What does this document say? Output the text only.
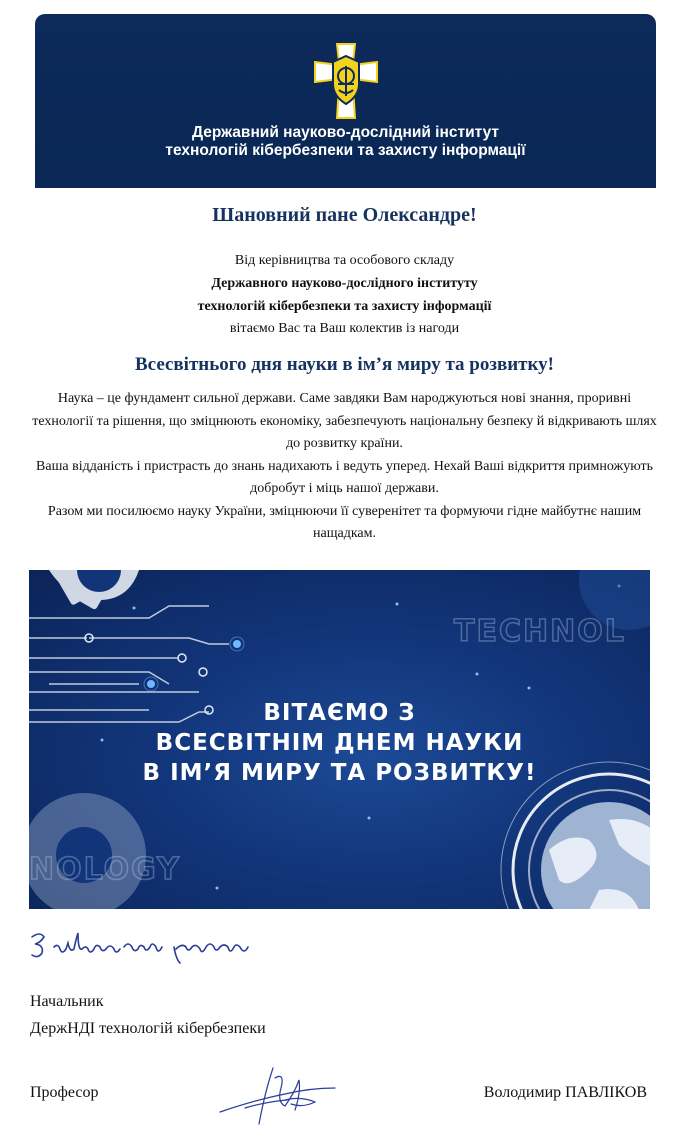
Державний науково-дослідний інститут
технологій кібербезпеки та захисту інформації
Шановний пане Олександре!
Від керівництва та особового складу
Державного науково-дослідного інституту
технологій кібербезпеки та захисту інформації
вітаємо Вас та Ваш колектив із нагоди
Всесвітнього дня науки в ім’я миру та розвитку!

Наука – це фундамент сильної держави. Саме завдяки Вам народжуються нові знання, проривні технології та рішення, що зміцнюють економіку, забезпечують національну безпеку й відкривають шлях до розвитку країни.

Ваша відданість і пристрасть до знань надихають і ведуть уперед. Нехай Ваші відкриття примножують добробут і міць нашої держави.

Разом ми посилюємо науку України, зміцнюючи її суверенітет та формуючи гідне майбутнє нашим нащадкам.

TECHNOL
NOLOGY
ВІТАЄМО З
ВСЕСВІТНІМ ДНЕМ НАУКИ
В ІМ’Я МИРУ ТА РОЗВИТКУ!
Начальник
ДержНДІ технологій кібербезпеки
Професор	Володимир ПАВЛІКОВ
